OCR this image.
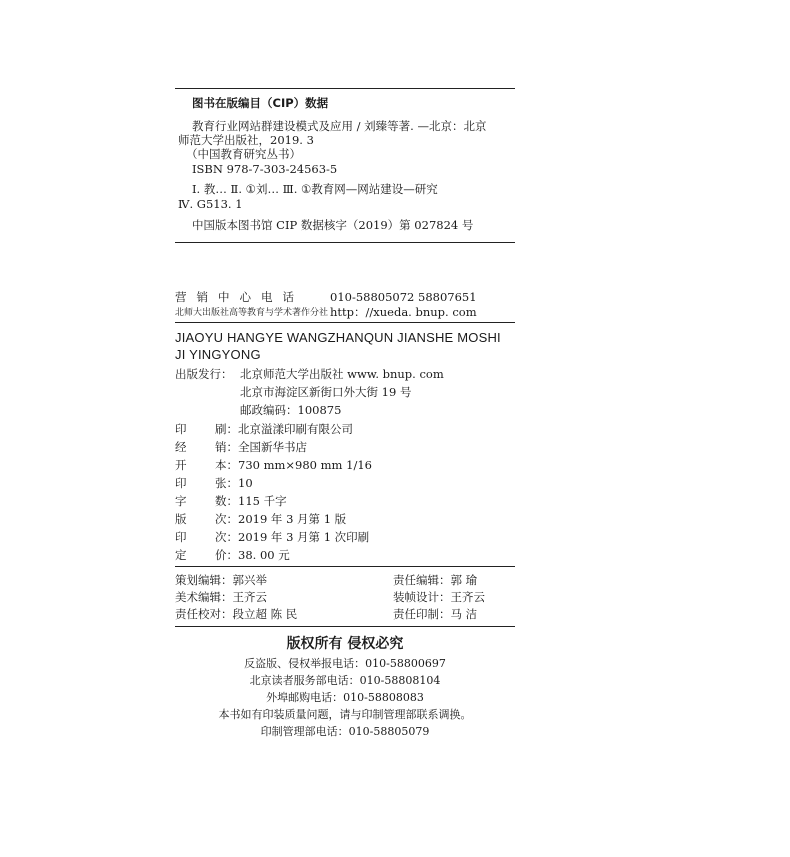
图书在版编目（CIP）数据
教育行业网站群建设模式及应用 / 刘臻等著. —北京：北京
师范大学出版社，2019. 3
（中国教育研究丛书）
ISBN 978-7-303-24563-5
Ⅰ. 教… Ⅱ. ①刘… Ⅲ. ①教育网—网站建设—研究
Ⅳ. G513. 1
中国版本图书馆 CIP 数据核字（2019）第 027824 号
营销中心电话 010-58805072 58807651
北师大出版社高等教育与学术著作分社 http：//xueda. bnup. com
JIAOYU HANGYE WANGZHANQUN JIANSHE MOSHI
JI YINGYONG
出版发行： 北京师范大学出版社 www. bnup. com
北京市海淀区新街口外大街 19 号
邮政编码：100875
印 刷：北京溢漾印刷有限公司
经 销：全国新华书店
开 本：730 mm×980 mm 1/16
印 张：10
字 数：115 千字
版 次：2019 年 3 月第 1 版
印 次：2019 年 3 月第 1 次印刷
定 价：38. 00 元
策划编辑：郭兴举
美术编辑：王齐云
责任校对：段立超 陈 民
责任编辑：郭 瑜
装帧设计：王齐云
责任印制：马 洁
版权所有 侵权必究
反盗版、侵权举报电话：010-58800697
北京读者服务部电话：010-58808104
外埠邮购电话：010-58808083
本书如有印装质量问题，请与印制管理部联系调换。
印制管理部电话：010-58805079
